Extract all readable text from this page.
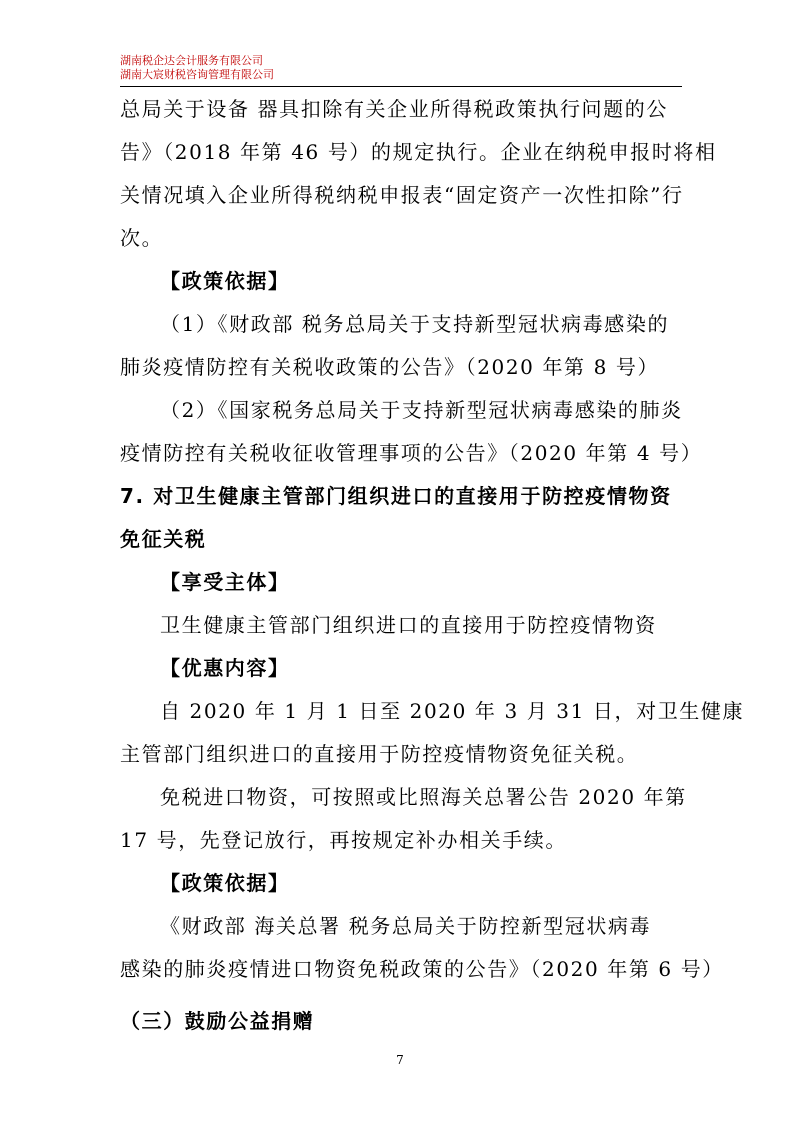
湖南税企达会计服务有限公司
湖南大宸财税咨询管理有限公司
总局关于设备 器具扣除有关企业所得税政策执行问题的公
告》（2018 年第 46 号）的规定执行。企业在纳税申报时将相
关情况填入企业所得税纳税申报表“固定资产一次性扣除”行
次。
【政策依据】
（1）《财政部 税务总局关于支持新型冠状病毒感染的
肺炎疫情防控有关税收政策的公告》（2020 年第 8 号）
（2）《国家税务总局关于支持新型冠状病毒感染的肺炎
疫情防控有关税收征收管理事项的公告》（2020 年第 4 号）
7. 对卫生健康主管部门组织进口的直接用于防控疫情物资
免征关税
【享受主体】
卫生健康主管部门组织进口的直接用于防控疫情物资
【优惠内容】
自 2020 年 1 月 1 日至 2020 年 3 月 31 日，对卫生健康
主管部门组织进口的直接用于防控疫情物资免征关税。
免税进口物资，可按照或比照海关总署公告 2020 年第
17 号，先登记放行，再按规定补办相关手续。
【政策依据】
《财政部 海关总署 税务总局关于防控新型冠状病毒
感染的肺炎疫情进口物资免税政策的公告》（2020 年第 6 号）
（三）鼓励公益捐赠
7
